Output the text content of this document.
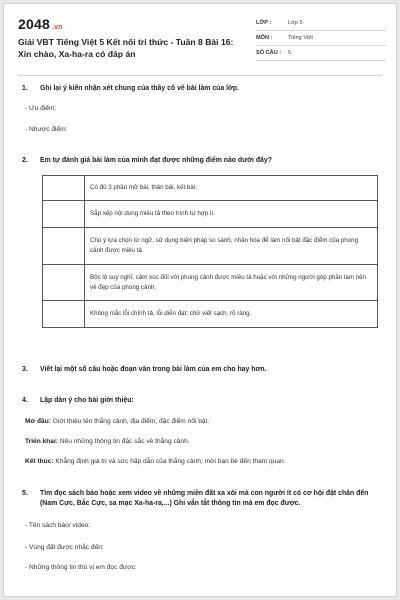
2048 .vn
Giải VBT Tiếng Việt 5 Kết nối tri thức - Tuần 8 Bài 16: Xin chào, Xa-ha-ra có đáp án
LỚP :	Lớp 5
MÔN :	Tiếng Việt
SỐ CÂU : 5
1. Ghi lại ý kiến nhận xét chung của thầy cô về bài làm của lớp.
- Ưu điểm:
- Nhược điểm:
2. Em tự đánh giá bài làm của mình đạt được những điểm nào dưới đây?
	Có đủ 3 phần mở bài, thân bài, kết bài.
	Sắp xếp nội dung miêu tả theo trình tự hợp lí.
	Chú ý lựa chọn từ ngữ, sử dụng biện pháp so sánh, nhân hóa để làm nổi bật đặc điểm của phong cảnh được miêu tả.
	Bộc lộ suy nghĩ, cảm xúc đối với phong cảnh được miêu tả hoặc với những người góp phần làm nên vẻ đẹp của phong cảnh.
	Không mắc lỗi chính tả, lỗi diễn đạt; chữ viết sạch, rõ ràng.
3. Viết lại một số câu hoặc đoạn văn trong bài làm của em cho hay hơn.
4. Lập dàn ý cho bài giới thiệu:
Mở đầu: Giới thiệu tên thắng cảnh, địa điểm, đặc điểm nổi bật.
Triển khai: Nêu những thông tin đặc sắc về thắng cảnh.
Kết thúc: Khẳng định giá trị và sức hấp dẫn của thắng cảnh; mời bạn bè đến tham quan.
5. Tìm đọc sách báo hoặc xem video về những miền đất xa xôi mà con người ít có cơ hội đặt chân đến (Nam Cực, Bắc Cực, sa mạc Xa-ha-ra,...) Ghi vắn tắt thông tin mà em đọc được.
- Tên sách báo/ video:
- Vùng đất được nhắc đến:
- Những thông tin thú vị em đọc được:
